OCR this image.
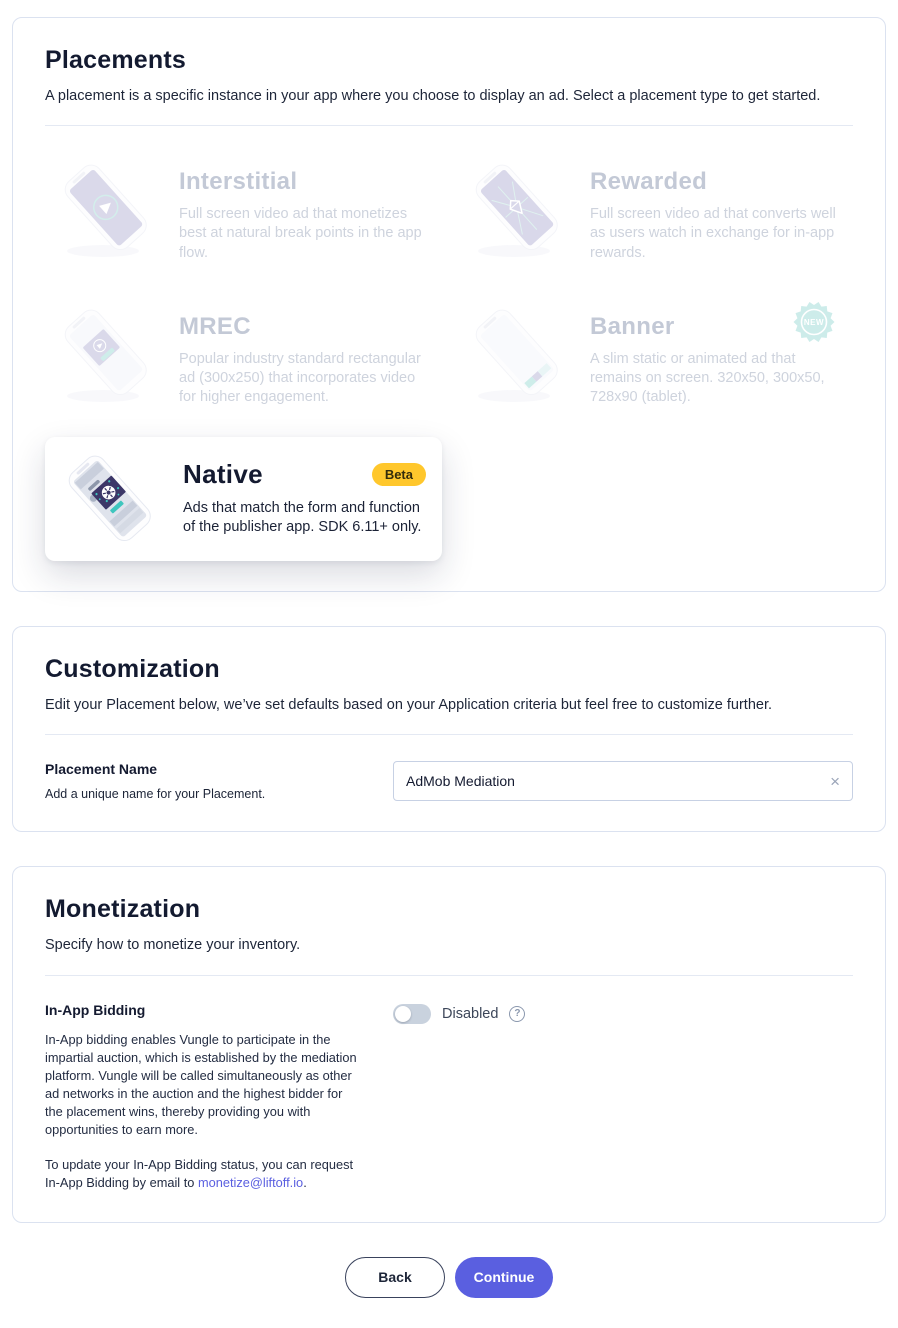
Placements
A placement is a specific instance in your app where you choose to display an ad. Select a placement type to get started.
Interstitial
Full screen video ad that monetizes best at natural break points in the app flow.
Rewarded
Full screen video ad that converts well as users watch in exchange for in-app rewards.
MREC
Popular industry standard rectangular ad (300x250) that incorporates video for higher engagement.
Banner
A slim static or animated ad that remains on screen. 320x50, 300x50, 728x90 (tablet).
NEW
Native	Beta
Ads that match the form and function of the publisher app. SDK 6.11+ only.
Customization
Edit your Placement below, we’ve set defaults based on your Application criteria but feel free to customize further.
Placement Name
Add a unique name for your Placement.
AdMob Mediation
×
Monetization
Specify how to monetize your inventory.
In-App Bidding

In-App bidding enables Vungle to participate in the impartial auction, which is established by the mediation platform. Vungle will be called simultaneously as other ad networks in the auction and the highest bidder for the placement wins, thereby providing you with opportunities to earn more.

To update your In-App Bidding status, you can request In-App Bidding by email to monetize@liftoff.io.

Disabled	?
Back	Continue
